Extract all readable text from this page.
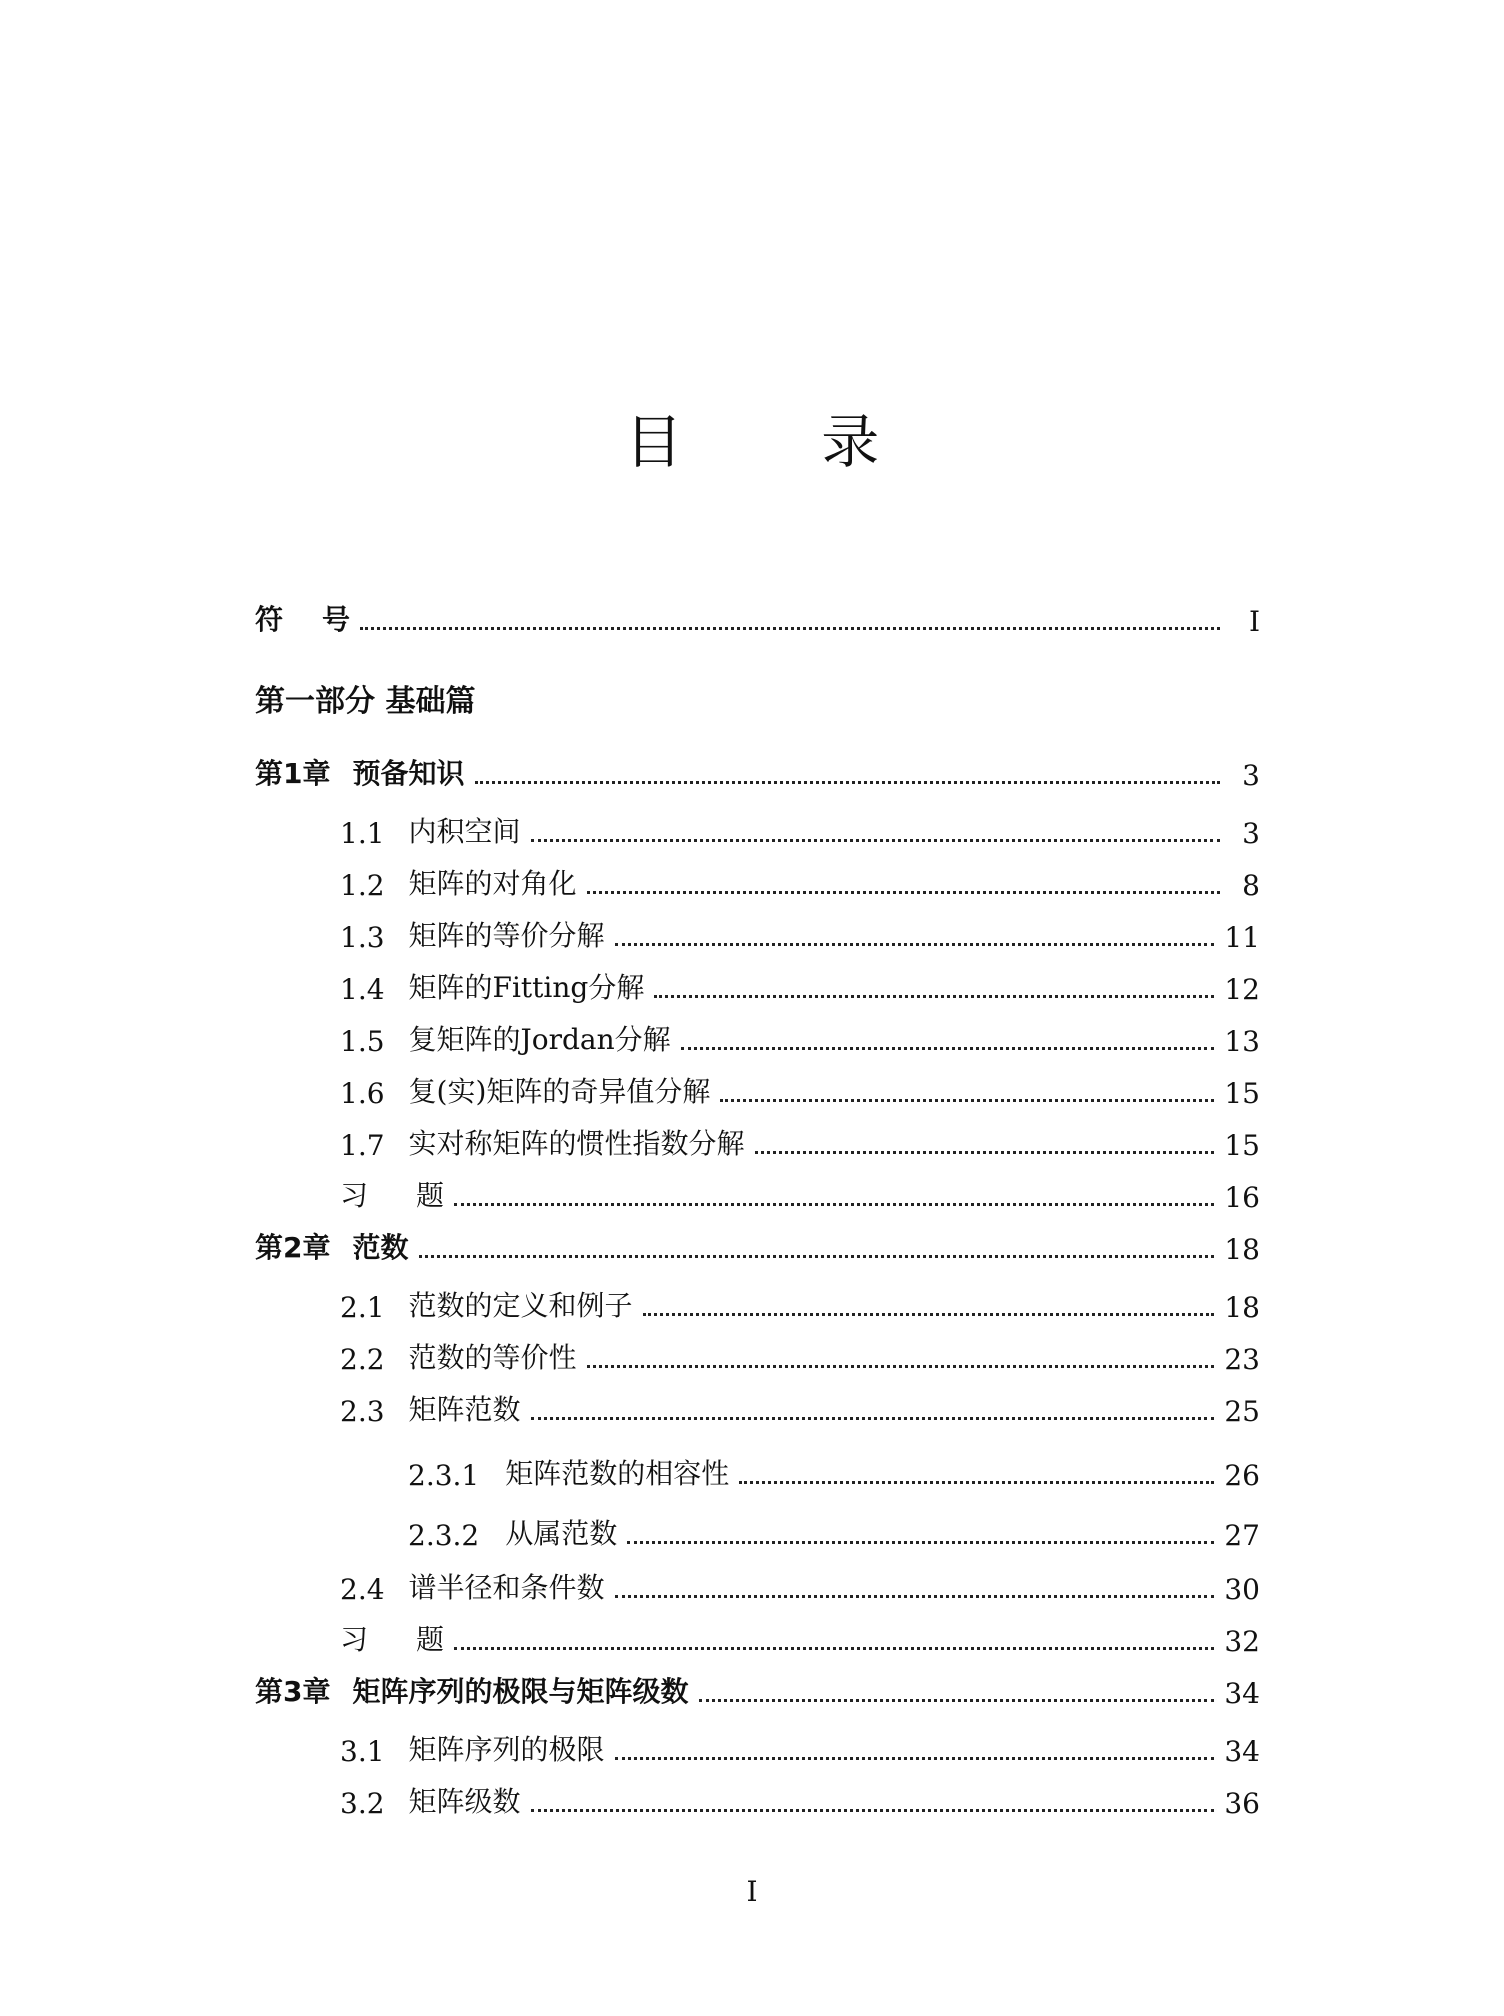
目 录
符    号	I
第一部分 基础篇
第1章 预备知识	3
1.1 内积空间	3
1.2 矩阵的对角化	8
1.3 矩阵的等价分解	11
1.4 矩阵的Fitting分解	12
1.5 复矩阵的Jordan分解	13
1.6 复(实)矩阵的奇异值分解	15
1.7 实对称矩阵的惯性指数分解	15
习 题	16
第2章 范数	18
2.1 范数的定义和例子	18
2.2 范数的等价性	23
2.3 矩阵范数	25
2.3.1 矩阵范数的相容性	26
2.3.2 从属范数	27
2.4 谱半径和条件数	30
习 题	32
第3章 矩阵序列的极限与矩阵级数	34
3.1 矩阵序列的极限	34
3.2 矩阵级数	36
I
